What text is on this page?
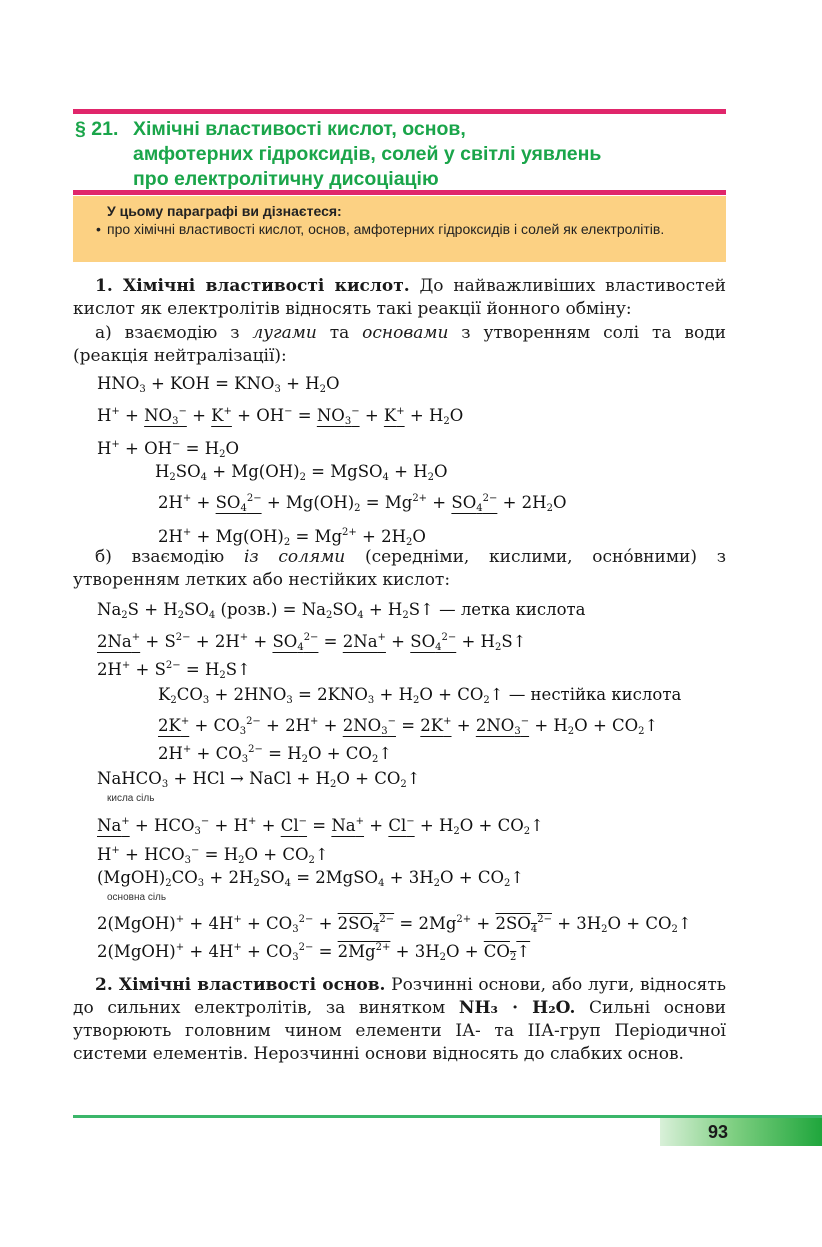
§ 21. Хімічні властивості кислот, основ,
амфотерних гідроксидів, солей у світлі уявлень
про електролітичну дисоціацію
У цьому параграфі ви дізнаєтеся:
• про хімічні властивості кислот, основ, амфотерних гідроксидів і солей як електролітів.
1. Хімічні властивості кислот. До найважливіших властивостей кислот як електролітів відносять такі реакції йонного обміну:
а) взаємодію з лугами та основами з утворенням солі та води (реакція нейтралізації):
$HNO_3$ + KOH = $KNO_3 + H_2O$
$H^+ + NO_3^- + K^+ + OH^- = NO_3^- + K^+ + H_2O$
$H^+ + OH^- = H_2O$
$H_2SO_4 + Mg(OH)_2$ = MgSO$_4$ + $H_2O$
$2H^+ + SO_4^{2-} + Mg(OH)_2 = Mg^{2+} + SO_4^{2-} + 2H_2O$
$2H^+ + Mg(OH)_2 = Mg^{2+} + 2H_2O$
б) взаємодію із солями (середніми, кислими, осно́вними) з утворенням летких або нестійких кислот:
$Na_2S + H_2SO_4$ (розв.) = $Na_2SO_4$ + $H_2S↑$ — летка кислота
$2Na^+ + S^{2-} + 2H^+ + SO_4^{2-} = 2Na^+ + SO_4^{2-}$ + $H_2S↑$
$2H^+ + S^{2-}$ = $H_2S↑$
$K_2CO_3 + 2HNO_3 = 2KNO_3 + H_2O$ + $CO_2↑$ — нестійка кислота
$2K^+ + CO_3^{2-} + 2H^+ + 2NO_3^- = 2K^+ + 2NO_3^- + H_2O$ + $CO_2↑$
$2H^+ + CO_3^{2-} = H_2O$ + $CO_2↑$
NaHCO$_3$ + HCl → NaCl + $H_2O$ + $CO_2↑$
кисла сіль
$Na^+ + HCO_3^- + H^+ + Cl^- = Na^+ + Cl^- + H_2O$ + $CO_2↑$
$H^+ + HCO_3^- = H_2O$ + $CO_2↑$
$(MgOH)_2CO_3 + 2H_2SO_4$ = 2MgSO$_4$ + $3H_2O$ + $CO_2↑$
основна сіль
2(MgOH)+ + $4H^+ + CO_3^{2-} + 2SO_4^{2-} = 2Mg^{2+} + 2SO_4^{2-} + 3H_2O$ + $CO_2↑$
2(MgOH)+ + $4H^+ + CO_3^{2-} = 2Mg^{2+} + 3H_2O$ + $CO_2↑$
2. Хімічні властивості основ. Розчинні основи, або луги, відносять до сильних електролітів, за винятком NH₃ · H₂O. Сильні основи утворюють головним чином елементи ІА- та ІІА-груп Періодичної системи елементів. Нерозчинні основи відносять до слабких основ.
93
